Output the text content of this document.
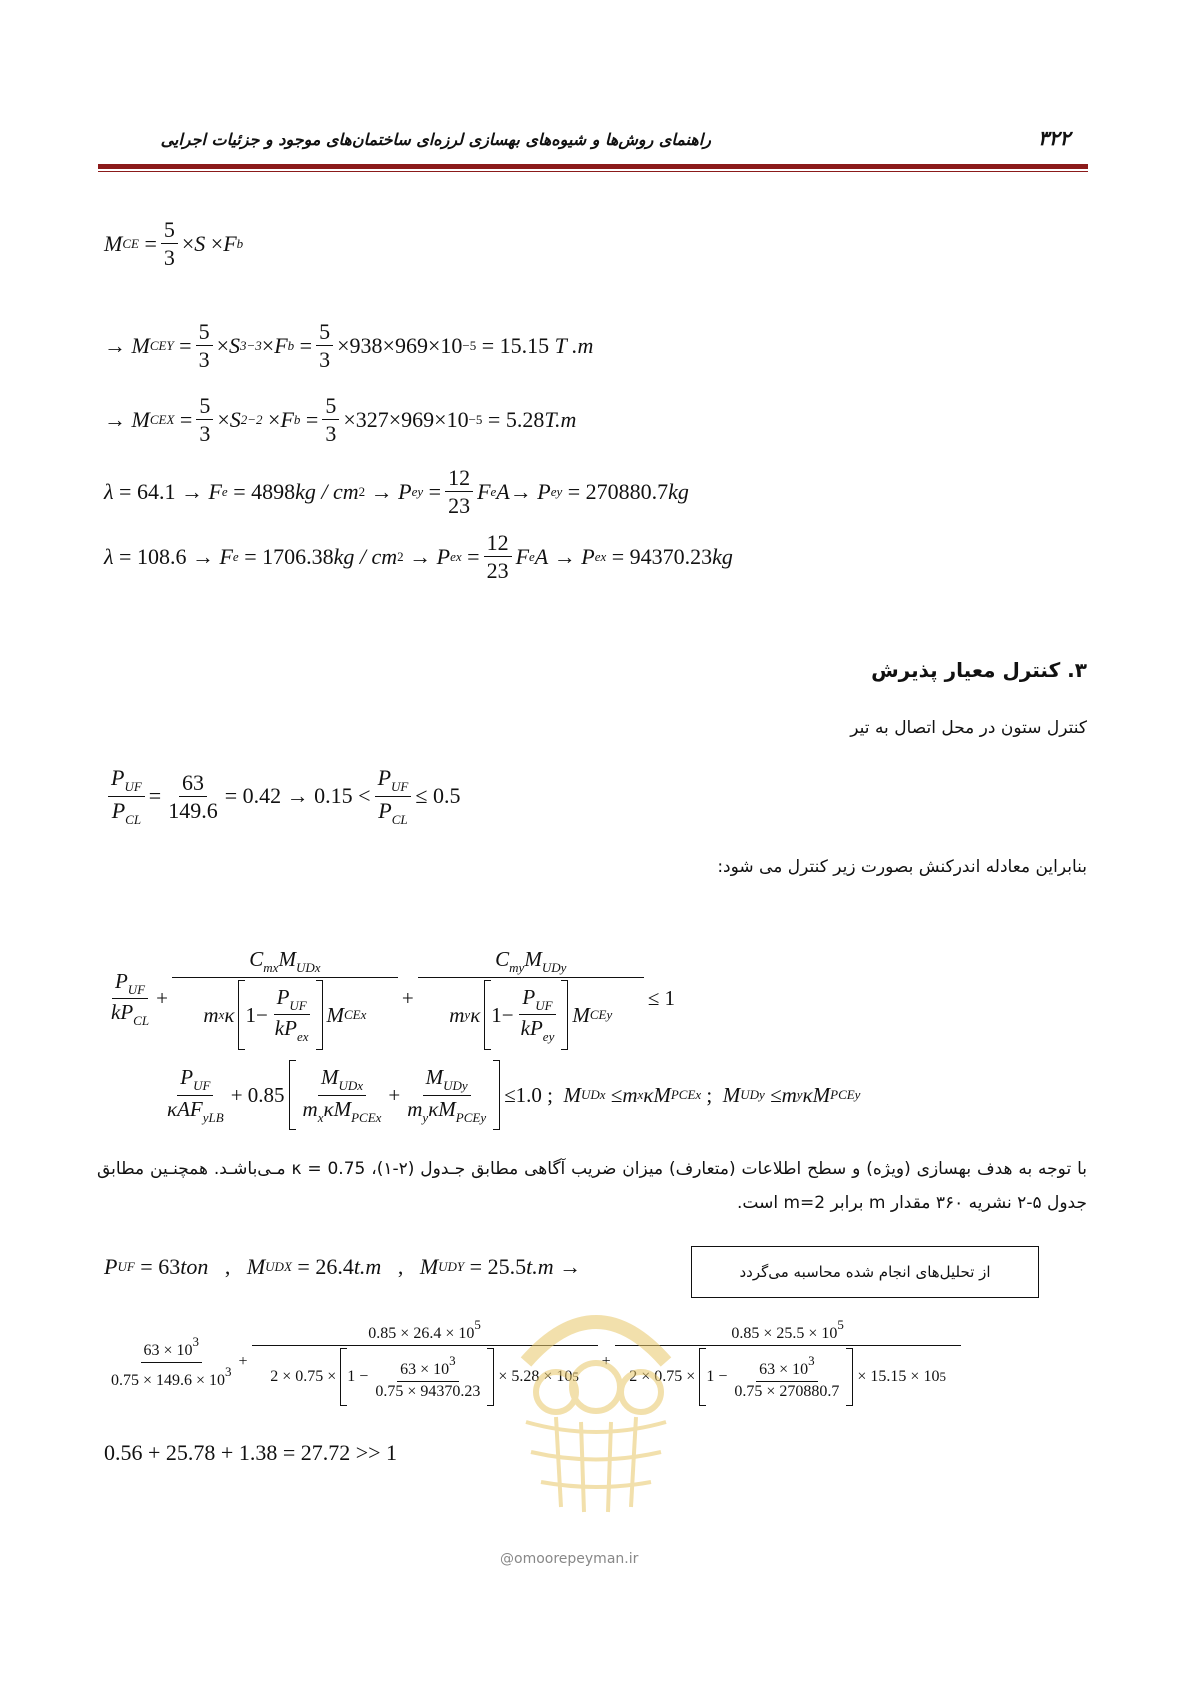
راهنمای روش‌ها و شیوه‌های بهسازی لرزه‌ای ساختمان‌های موجود و جزئیات اجرایی	۳۲۲
M CE = $\frac{5}{3} \times S \times F$ b
→ M CEY = $\frac{5}{3} \times S$ 3−3 × F $b = \frac{5}{3} \times 938 \times 969 \times 10 -5 = 15.15$
T .m
→ M CEX = $\frac{5}{3} \times S$ 2−2 × F $b = \frac{5}{3} \times 327 \times 969 \times 10 -5 = 5.28$ T.m
λ = 64.1 → F e = 4898 kg / cm 2 → P ey = $\frac{12}{23}$ F e A → P ey = 270880.7 kg
λ = 108.6 → F e = 1706.38 kg / cm 2 → P ex = $\frac{12}{23}$ F e A → P ex = 94370.23 kg
۳. کنترل معیار پذیرش
کنترل ستون در محل اتصال به تیر
$\frac{P_{UF}}{P_{CL}} = \frac{63}{149.6} = 0.42 \to 0.15 < \frac{P_{UF}}{P_{CL}} \le 0.5$
بنابراین معادله اندرکنش بصورت زیر کنترل می شود:
$\frac{P_{UF}}{kP_{CL}} + \frac{C_{mx}M_{UDx}}{m x \kappa 1- \frac{P_{UF}}{kP_{ex}} M CEx} + \frac{C_{my}M_{UDy}}{m y \kappa 1- \frac{P_{UF}}{kP_{ey}} M CEy} \le 1$
$\frac{P_{UF}}{\kappa AF_{yLB}} + 0.85 \frac{M_{UDx}}{m_x\kappa M_{PCEx}} + \frac{M_{UDy}}{m_y\kappa M_{PCEy}} \le 1.0$ ; M UDx ≤ m x κM PCEx ; M UDy ≤ m y κM PCEy
با توجه به هدف بهسازی (ویژه) و سطح اطلاعات (متعارف) میزان ضریب آگاهی مطابق جـدول (۲-۱)، κ = 0.75 مـی‌باشـد. همچنـین مطابق جدول ۵-۲ نشریه ۳۶۰ مقدار m برابر m=2 است.
P UF = 63 ton , M UDX = 26.4 t.m , M UDY = 25.5 t.m →	از تحلیل‌های انجام شده محاسبه می‌گردد
$\frac{63 \times 10^3}{0.75 \times 149.6 \times 10^3}$ +
$0.85 \times 26.4 \times 10^5$
$2 \times 0.75 \times 1 - \frac{63 \times 10^3}{0.75 \times 94370.23} \times 5.28 \times 10$ 5
+
$0.85 \times 25.5 \times 10^5$
$2 \times 0.75 \times 1 - \frac{63 \times 10^3}{0.75 \times 270880.7} \times 15.15 \times 10$ 5
0.56 + 25.78 + 1.38 = 27.72 >> 1
@omoorepeyman.ir
